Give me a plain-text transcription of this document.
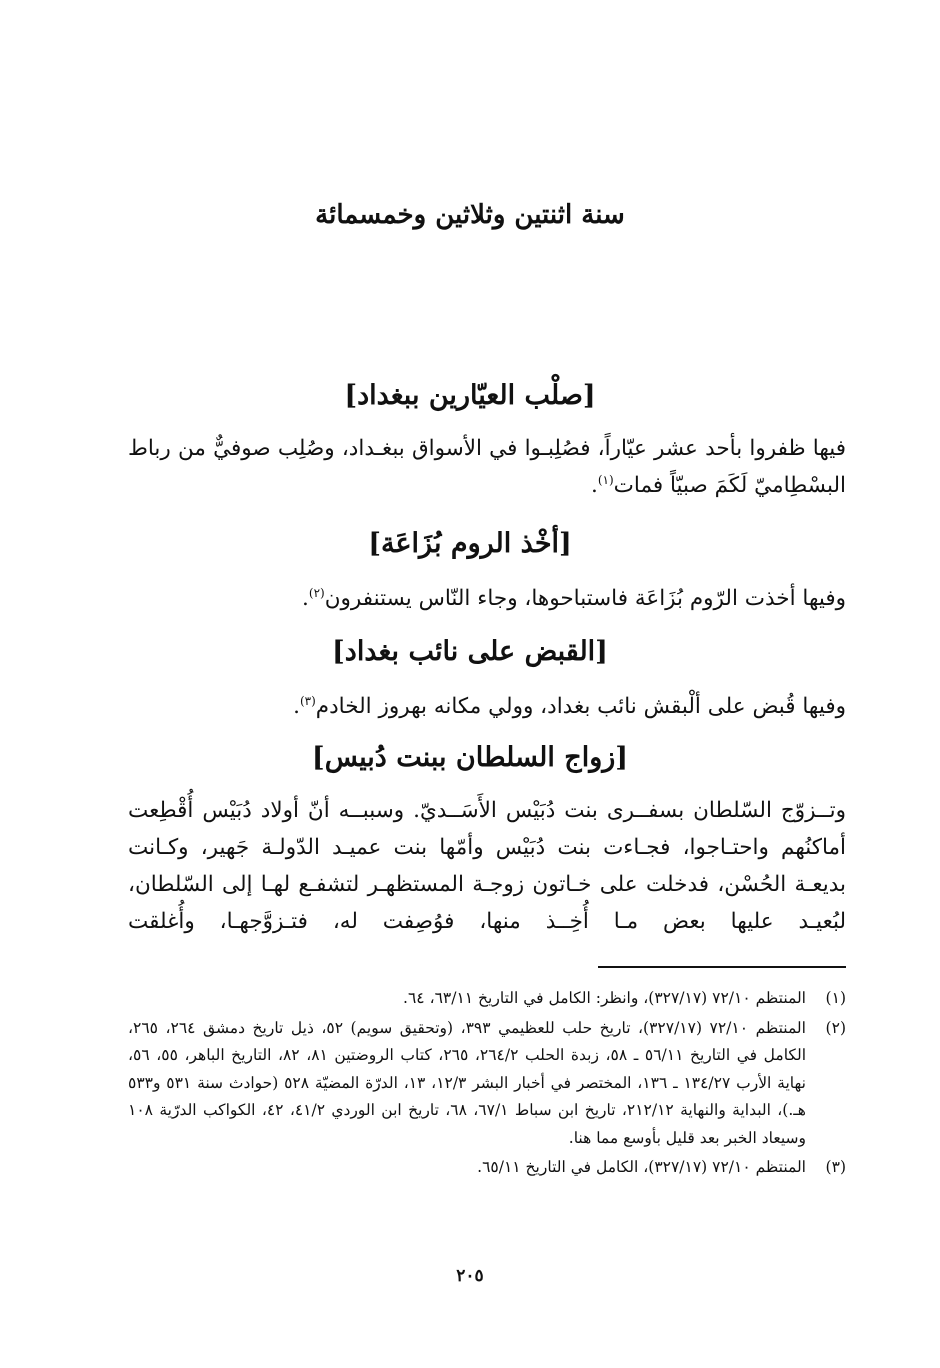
سنة اثنتين وثلاثين وخمسمائة
[صلْب العيّارين ببغداد]

فيها ظفروا بأحد عشر عيّاراً، فصُلِبـوا في الأسواق ببغـداد، وصُلِب صوفيٌّ من رباط البسْطِاميّ لَكَمَ صبيّاً فمات$^{(١)}$.

[أخْذ الروم بُزَاعَة]

وفيها أخذت الرّوم بُزَاعَة فاستباحوها، وجاء النّاس يستنفرون$^{(٢)}$.

[القبض على نائب بغداد]

وفيها قُبض على ألْبقش نائب بغداد، وولي مكانه بهروز الخادم$^{(٣)}$.

[زواج السلطان ببنت دُبيس]

وتــزوّج السّلطان بسفــرى بنت دُبَيْس الأَسَــديّ. وسببــه أنّ أولاد دُبَيْس أُقْطِعت أماكنُهم واحتـاجوا، فجـاءت بنت دُبَيْس وأمّها بنت عميـد الدّولـة جَهير، وكـانت بديعـة الحُسْن، فدخلت على خـاتون زوجـة المستظهـر لتشفـع لهـا إلى السّلطان، لبُعيـد عليها بعض مـا أُخِــذ منها، فوُصِفت له، فتـزوَّجهـا، وأُغلقت

(١)
المنتظم ٧٢/١٠ (٣٢٧/١٧)، وانظر: الكامل في التاريخ ٦٣/١١، ٦٤.
(٢)
المنتظم ٧٢/١٠ (٣٢٧/١٧)، تاريخ حلب للعظيمي ٣٩٣، (وتحقيق سويم) ٥٢، ذيل تاريخ دمشق ٢٦٤، ٢٦٥، الكامل في التاريخ ٥٦/١١ ـ ٥٨، زبدة الحلب ٢٦٤/٢، ٢٦٥، كتاب الروضتين ٨١، ٨٢، التاريخ الباهر، ٥٥، ٥٦، نهاية الأرب ١٣٤/٢٧ ـ ١٣٦، المختصر في أخبار البشر ١٢/٣، ١٣، الدرّة المضيّة ٥٢٨ (حوادث سنة ٥٣١ و٥٣٣ هـ.)، البداية والنهاية ٢١٢/١٢، تاريخ ابن سباط ٦٧/١، ٦٨، تاريخ ابن الوردي ٤١/٢، ٤٢، الكواكب الدرّية ١٠٨ وسيعاد الخبر بعد قليل بأوسع مما هنا.
(٣)
المنتظم ٧٢/١٠ (٣٢٧/١٧)، الكامل في التاريخ ٦٥/١١.
٢٠٥
